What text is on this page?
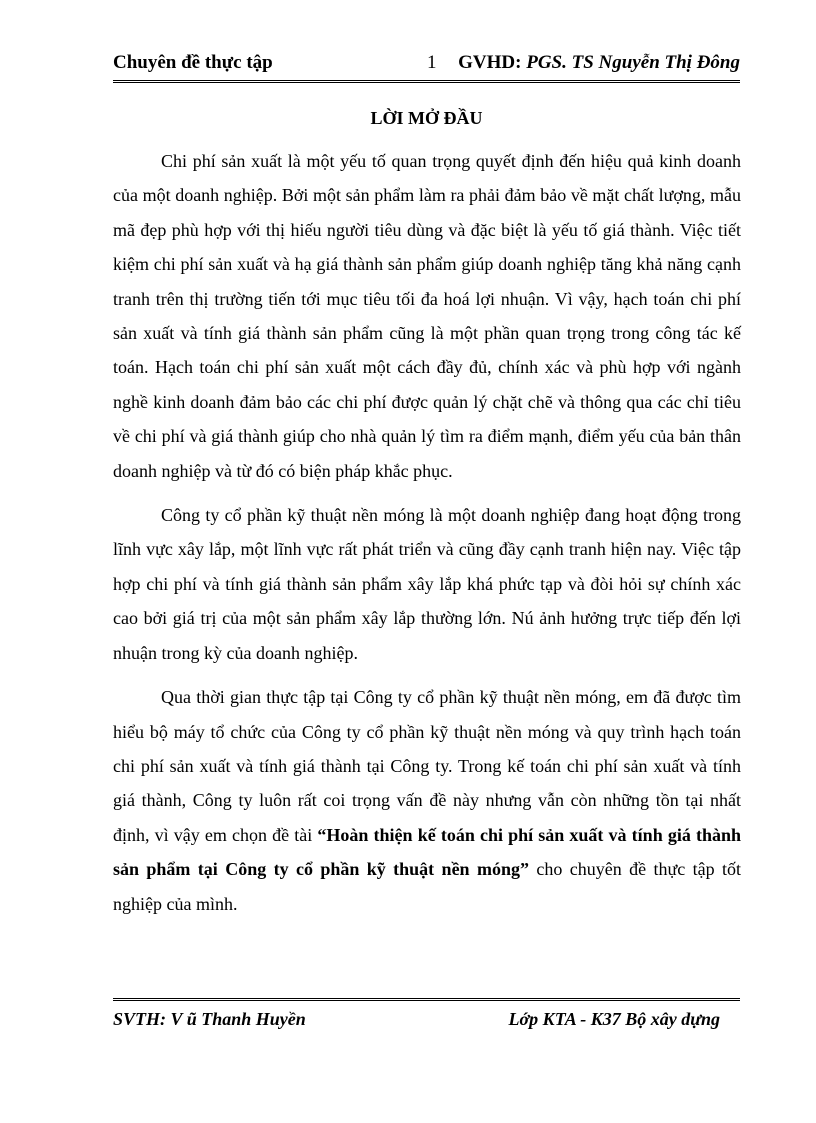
Chuyên đề thực tập	1 GVHD: PGS. TS Nguyễn Thị Đông
LỜI MỞ ĐẦU

Chi phí sản xuất là một yếu tố quan trọng quyết định đến hiệu quả kinh doanh của một doanh nghiệp. Bởi một sản phẩm làm ra phải đảm bảo về mặt chất lượng, mẫu mã đẹp phù hợp với thị hiếu người tiêu dùng và đặc biệt là yếu tố giá thành. Việc tiết kiệm chi phí sản xuất và hạ giá thành sản phẩm giúp doanh nghiệp tăng khả năng cạnh tranh trên thị trường tiến tới mục tiêu tối đa hoá lợi nhuận. Vì vậy, hạch toán chi phí sản xuất và tính giá thành sản phẩm cũng là một phần quan trọng trong công tác kế toán. Hạch toán chi phí sản xuất một cách đầy đủ, chính xác và phù hợp với ngành nghề kinh doanh đảm bảo các chi phí được quản lý chặt chẽ và thông qua các chỉ tiêu về chi phí và giá thành giúp cho nhà quản lý tìm ra điểm mạnh, điểm yếu của bản thân doanh nghiệp và từ đó có biện pháp khắc phục.

Công ty cổ phần kỹ thuật nền móng là một doanh nghiệp đang hoạt động trong lĩnh vực xây lắp, một lĩnh vực rất phát triển và cũng đầy cạnh tranh hiện nay. Việc tập hợp chi phí và tính giá thành sản phẩm xây lắp khá phức tạp và đòi hỏi sự chính xác cao bởi giá trị của một sản phẩm xây lắp thường lớn. Nú ảnh hưởng trực tiếp đến lợi nhuận trong kỳ của doanh nghiệp.

Qua thời gian thực tập tại Công ty cổ phần kỹ thuật nền móng, em đã được tìm hiểu bộ máy tổ chức của Công ty cổ phần kỹ thuật nền móng và quy trình hạch toán chi phí sản xuất và tính giá thành tại Công ty. Trong kế toán chi phí sản xuất và tính giá thành, Công ty luôn rất coi trọng vấn đề này nhưng vẫn còn những tồn tại nhất định, vì vậy em chọn đề tài “Hoàn thiện kế toán chi phí sản xuất và tính giá thành sản phẩm tại Công ty cổ phần kỹ thuật nền móng” cho chuyên đề thực tập tốt nghiệp của mình.

SVTH: V ũ Thanh Huyền	Lớp KTA - K37 Bộ xây dựng
